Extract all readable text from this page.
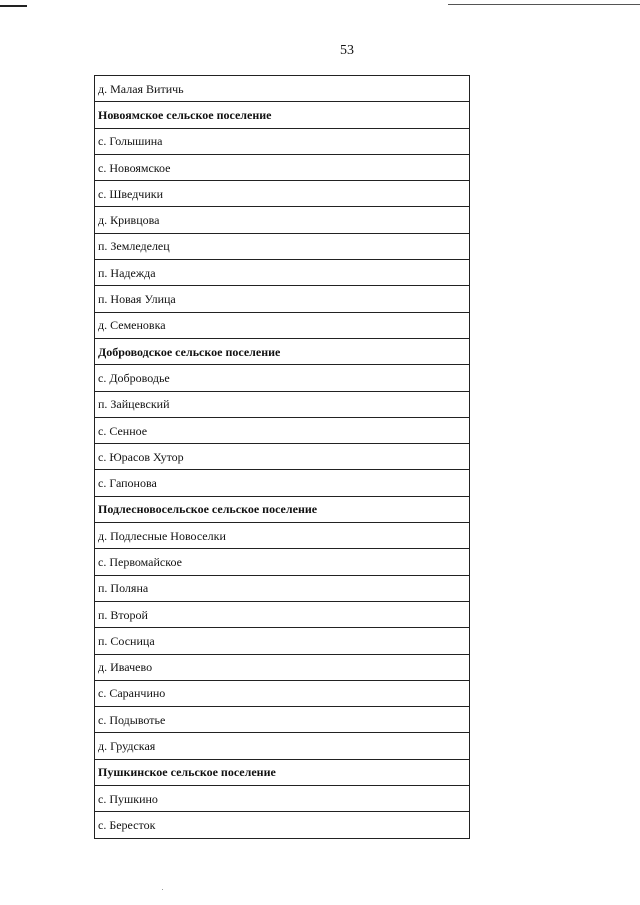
53
д. Малая Витичь
Новоямское сельское поселение
с. Голышина
с. Новоямское
с. Шведчики
д. Кривцова
п. Земледелец
п. Надежда
п. Новая Улица
д. Семеновка
Доброводское сельское поселение
с. Доброводье
п. Зайцевский
с. Сенное
с. Юрасов Хутор
с. Гапонова
Подлесновосельское сельское поселение
д. Подлесные Новоселки
с. Первомайское
п. Поляна
п. Второй
п. Сосница
д. Ивачево
с. Саранчино
с. Подывотье
д. Грудская
Пушкинское сельское поселение
с. Пушкино
с. Бересток
